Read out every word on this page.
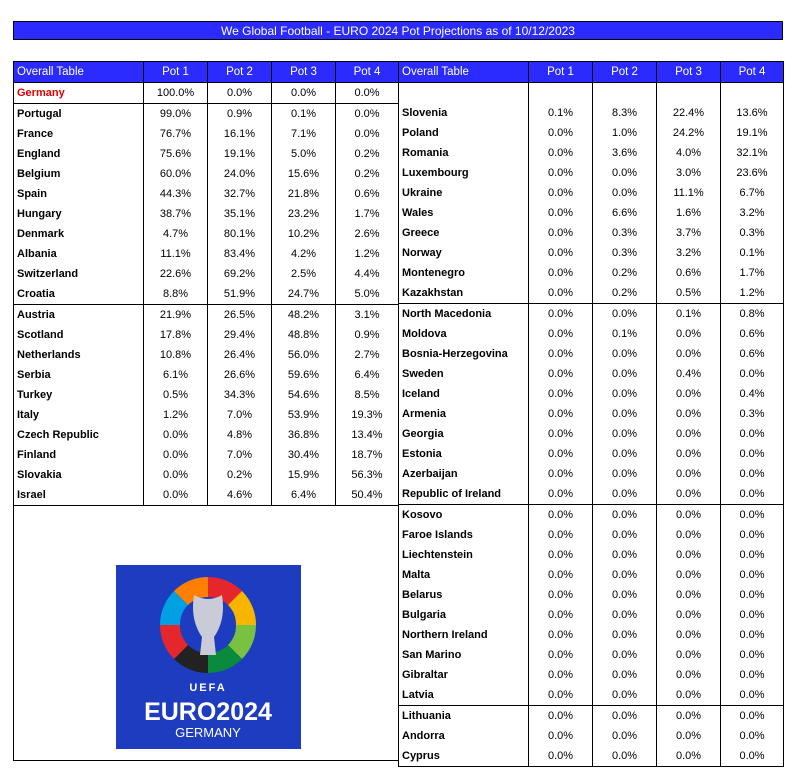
We Global Football - EURO 2024 Pot Projections as of 10/12/2023
Overall Table	Pot 1	Pot 2	Pot 3	Pot 4
Germany	100.0%	0.0%	0.0%	0.0%
Portugal	99.0%	0.9%	0.1%	0.0%
France	76.7%	16.1%	7.1%	0.0%
England	75.6%	19.1%	5.0%	0.2%
Belgium	60.0%	24.0%	15.6%	0.2%
Spain	44.3%	32.7%	21.8%	0.6%
Hungary	38.7%	35.1%	23.2%	1.7%
Denmark	4.7%	80.1%	10.2%	2.6%
Albania	11.1%	83.4%	4.2%	1.2%
Switzerland	22.6%	69.2%	2.5%	4.4%
Croatia	8.8%	51.9%	24.7%	5.0%
Austria	21.9%	26.5%	48.2%	3.1%
Scotland	17.8%	29.4%	48.8%	0.9%
Netherlands	10.8%	26.4%	56.0%	2.7%
Serbia	6.1%	26.6%	59.6%	6.4%
Turkey	0.5%	34.3%	54.6%	8.5%
Italy	1.2%	7.0%	53.9%	19.3%
Czech Republic	0.0%	4.8%	36.8%	13.4%
Finland	0.0%	7.0%	30.4%	18.7%
Slovakia	0.0%	0.2%	15.9%	56.3%
Israel	0.0%	4.6%	6.4%	50.4%
Overall Table	Pot 1	Pot 2	Pot 3	Pot 4

Slovenia	0.1%	8.3%	22.4%	13.6%
Poland	0.0%	1.0%	24.2%	19.1%
Romania	0.0%	3.6%	4.0%	32.1%
Luxembourg	0.0%	0.0%	3.0%	23.6%
Ukraine	0.0%	0.0%	11.1%	6.7%
Wales	0.0%	6.6%	1.6%	3.2%
Greece	0.0%	0.3%	3.7%	0.3%
Norway	0.0%	0.3%	3.2%	0.1%
Montenegro	0.0%	0.2%	0.6%	1.7%
Kazakhstan	0.0%	0.2%	0.5%	1.2%
North Macedonia	0.0%	0.0%	0.1%	0.8%
Moldova	0.0%	0.1%	0.0%	0.6%
Bosnia-Herzegovina	0.0%	0.0%	0.0%	0.6%
Sweden	0.0%	0.0%	0.4%	0.0%
Iceland	0.0%	0.0%	0.0%	0.4%
Armenia	0.0%	0.0%	0.0%	0.3%
Georgia	0.0%	0.0%	0.0%	0.0%
Estonia	0.0%	0.0%	0.0%	0.0%
Azerbaijan	0.0%	0.0%	0.0%	0.0%
Republic of Ireland	0.0%	0.0%	0.0%	0.0%
Kosovo	0.0%	0.0%	0.0%	0.0%
Faroe Islands	0.0%	0.0%	0.0%	0.0%
Liechtenstein	0.0%	0.0%	0.0%	0.0%
Malta	0.0%	0.0%	0.0%	0.0%
Belarus	0.0%	0.0%	0.0%	0.0%
Bulgaria	0.0%	0.0%	0.0%	0.0%
Northern Ireland	0.0%	0.0%	0.0%	0.0%
San Marino	0.0%	0.0%	0.0%	0.0%
Gibraltar	0.0%	0.0%	0.0%	0.0%
Latvia	0.0%	0.0%	0.0%	0.0%
Lithuania	0.0%	0.0%	0.0%	0.0%
Andorra	0.0%	0.0%	0.0%	0.0%
Cyprus	0.0%	0.0%	0.0%	0.0%
UEFA
EURO2024
GERMANY
